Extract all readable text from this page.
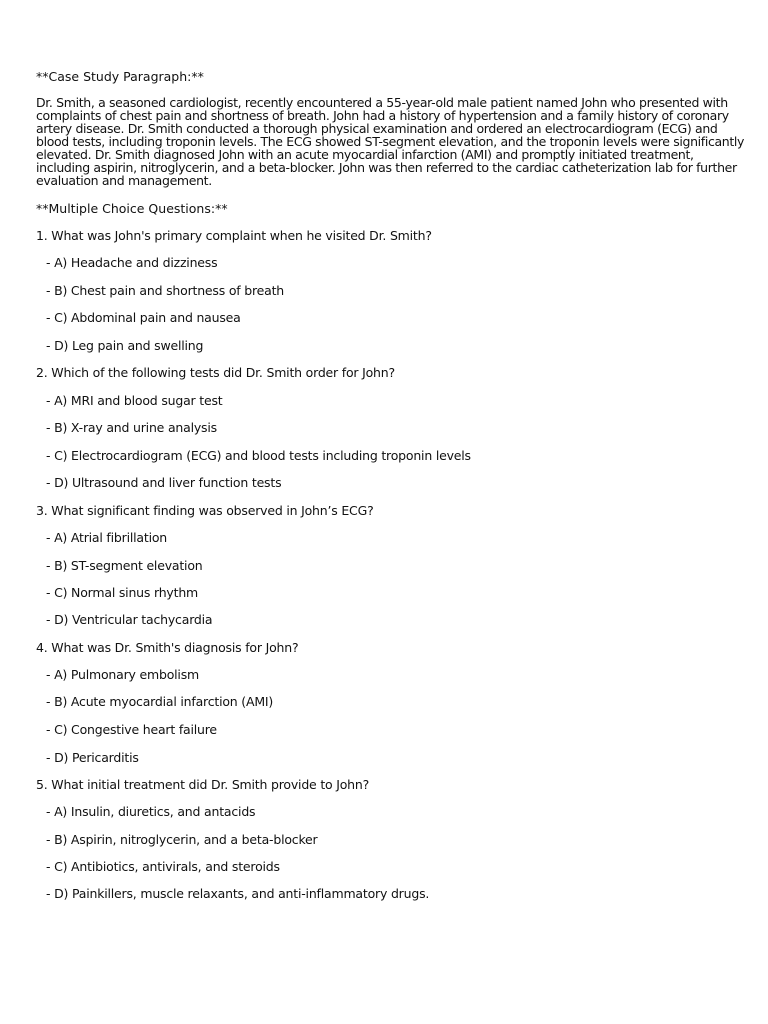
**Case Study Paragraph:**
Dr. Smith, a seasoned cardiologist, recently encountered a 55-year-old male patient named John who presented with
complaints of chest pain and shortness of breath. John had a history of hypertension and a family history of coronary
artery disease. Dr. Smith conducted a thorough physical examination and ordered an electrocardiogram (ECG) and
blood tests, including troponin levels. The ECG showed ST-segment elevation, and the troponin levels were significantly
elevated. Dr. Smith diagnosed John with an acute myocardial infarction (AMI) and promptly initiated treatment,
including aspirin, nitroglycerin, and a beta-blocker. John was then referred to the cardiac catheterization lab for further
evaluation and management.
**Multiple Choice Questions:**
1. What was John's primary complaint when he visited Dr. Smith?
- A) Headache and dizziness
- B) Chest pain and shortness of breath
- C) Abdominal pain and nausea
- D) Leg pain and swelling
2. Which of the following tests did Dr. Smith order for John?
- A) MRI and blood sugar test
- B) X-ray and urine analysis
- C) Electrocardiogram (ECG) and blood tests including troponin levels
- D) Ultrasound and liver function tests
3. What significant finding was observed in John’s ECG?
- A) Atrial fibrillation
- B) ST-segment elevation
- C) Normal sinus rhythm
- D) Ventricular tachycardia
4. What was Dr. Smith's diagnosis for John?
- A) Pulmonary embolism
- B) Acute myocardial infarction (AMI)
- C) Congestive heart failure
- D) Pericarditis
5. What initial treatment did Dr. Smith provide to John?
- A) Insulin, diuretics, and antacids
- B) Aspirin, nitroglycerin, and a beta-blocker
- C) Antibiotics, antivirals, and steroids
- D) Painkillers, muscle relaxants, and anti-inflammatory drugs.
